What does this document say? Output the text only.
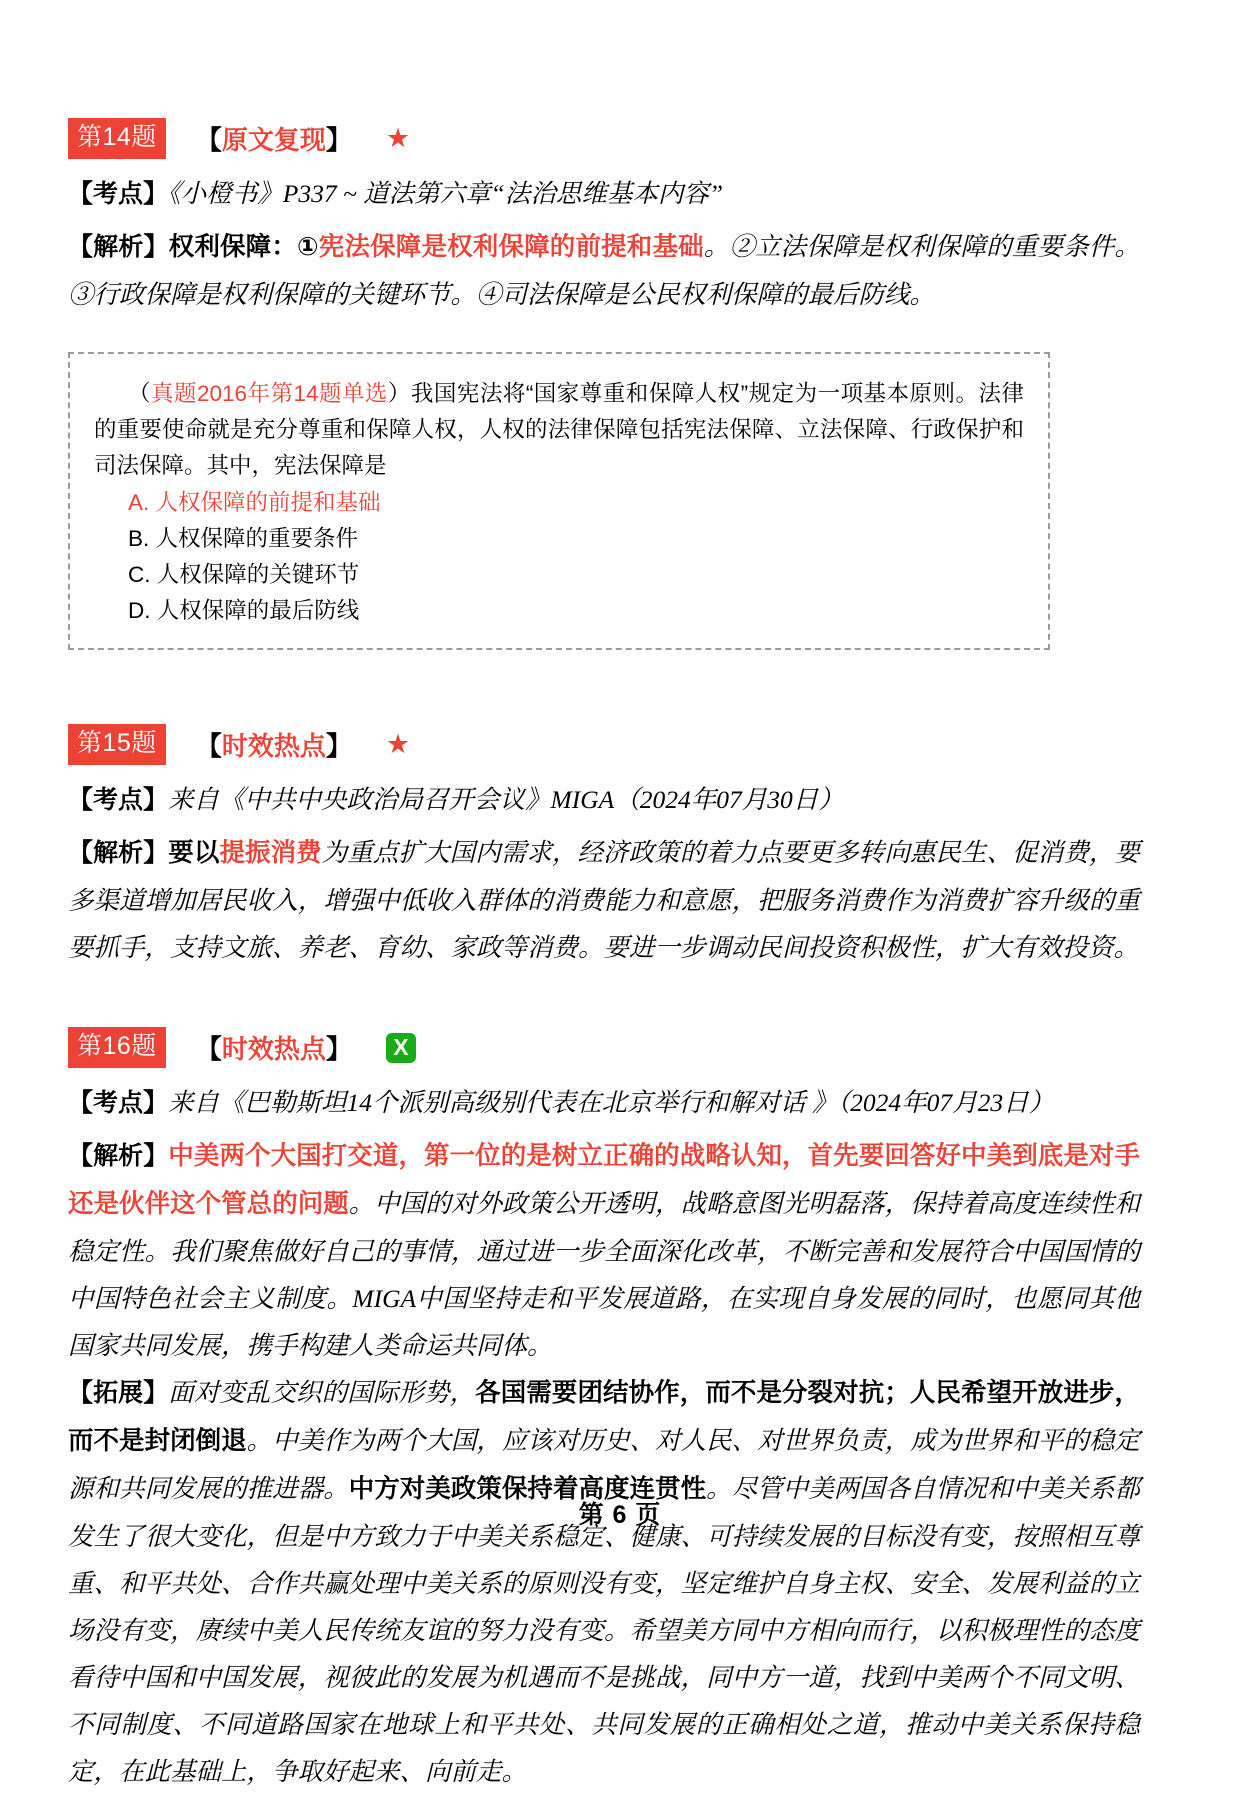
第14题	【原文复现】 ★

【考点】《小橙书》P337 ~ 道法第六章“法治思维基本内容”

【解析】权利保障：①宪法保障是权利保障的前提和基础。②立法保障是权利保障的重要条件。③行政保障是权利保障的关键环节。④司法保障是公民权利保障的最后防线。

（真题2016年第14题单选）我国宪法将“国家尊重和保障人权”规定为一项基本原则。法律的重要使命就是充分尊重和保障人权，人权的法律保障包括宪法保障、立法保障、行政保护和司法保障。其中，宪法保障是

A. 人权保障的前提和基础

B. 人权保障的重要条件

C. 人权保障的关键环节

D. 人权保障的最后防线

第15题	【时效热点】 ★

【考点】来自《中共中央政治局召开会议》MIGA（2024年07月30日）

【解析】要以提振消费为重点扩大国内需求，经济政策的着力点要更多转向惠民生、促消费，要多渠道增加居民收入，增强中低收入群体的消费能力和意愿，把服务消费作为消费扩容升级的重要抓手，支持文旅、养老、育幼、家政等消费。要进一步调动民间投资积极性，扩大有效投资。

第16题	【时效热点】	X

【考点】来自《巴勒斯坦14个派别高级别代表在北京举行和解对话 》（2024年07月23日）

【解析】中美两个大国打交道，第一位的是树立正确的战略认知，首先要回答好中美到底是对手还是伙伴这个管总的问题。中国的对外政策公开透明，战略意图光明磊落，保持着高度连续性和稳定性。我们聚焦做好自己的事情，通过进一步全面深化改革，不断完善和发展符合中国国情的中国特色社会主义制度。MIGA中国坚持走和平发展道路，在实现自身发展的同时，也愿同其他国家共同发展，携手构建人类命运共同体。

【拓展】面对变乱交织的国际形势，各国需要团结协作，而不是分裂对抗；人民希望开放进步，而不是封闭倒退。中美作为两个大国，应该对历史、对人民、对世界负责，成为世界和平的稳定源和共同发展的推进器。中方对美政策保持着高度连贯性。尽管中美两国各自情况和中美关系都发生了很大变化，但是中方致力于中美关系稳定、健康、可持续发展的目标没有变，按照相互尊重、和平共处、合作共赢处理中美关系的原则没有变，坚定维护自身主权、安全、发展利益的立场没有变，赓续中美人民传统友谊的努力没有变。希望美方同中方相向而行，以积极理性的态度看待中国和中国发展，视彼此的发展为机遇而不是挑战，同中方一道，找到中美两个不同文明、不同制度、不同道路国家在地球上和平共处、共同发展的正确相处之道，推动中美关系保持稳定，在此基础上，争取好起来、向前走。

第 6 页
